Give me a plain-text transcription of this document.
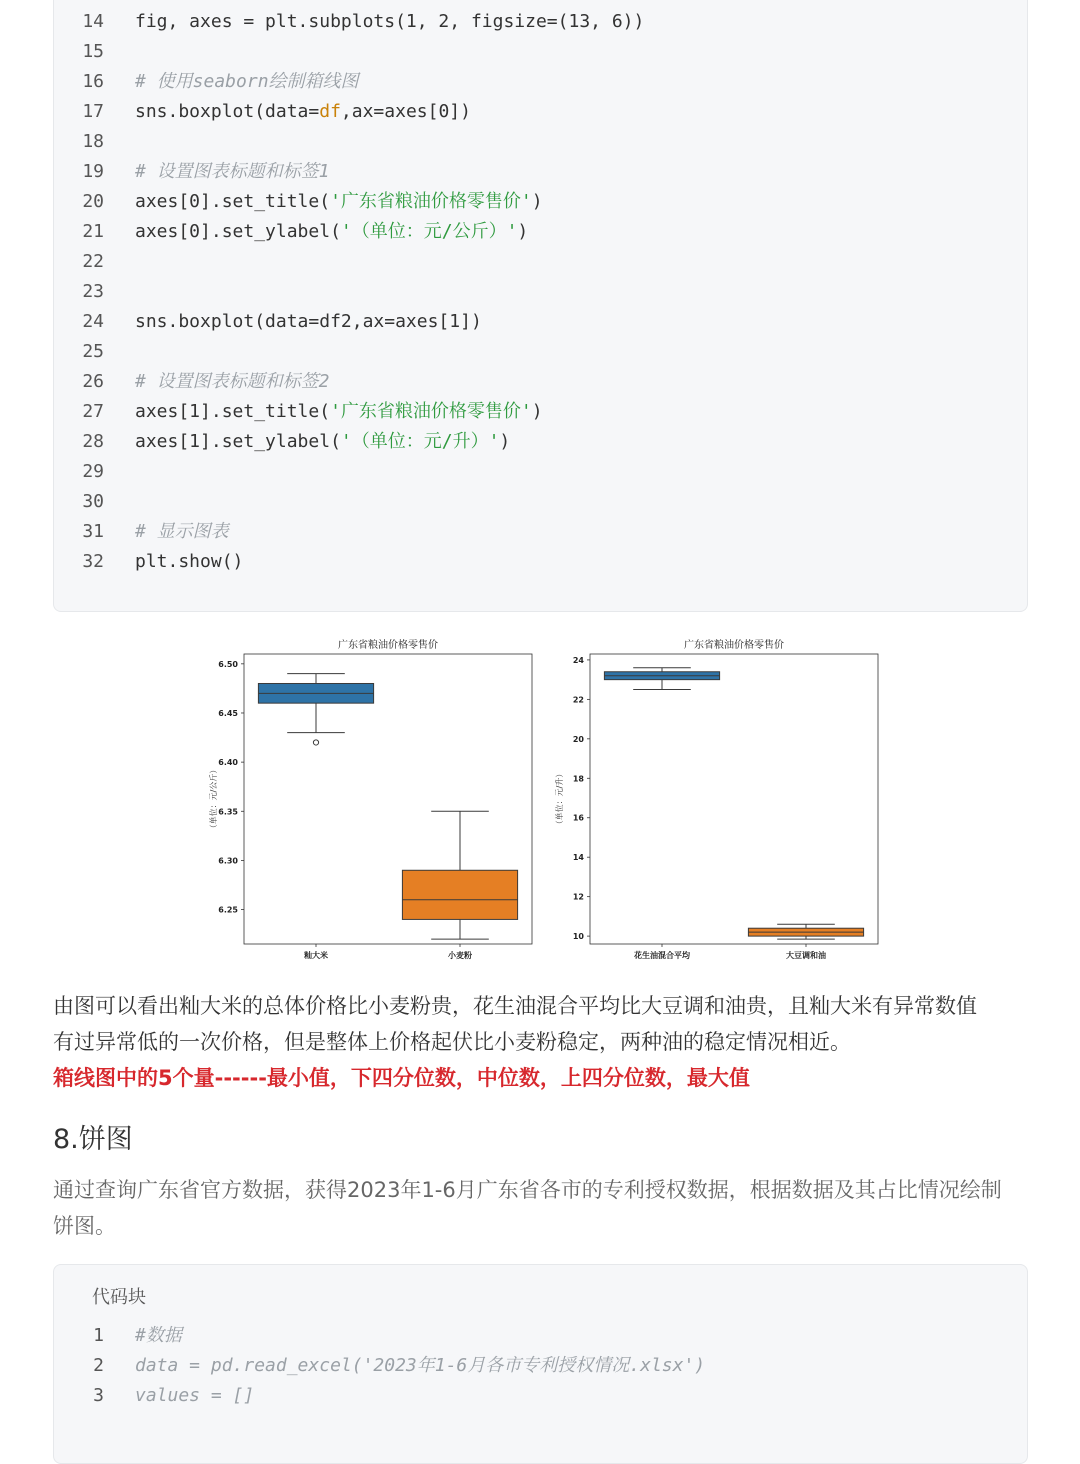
14 fig, axes = plt.subplots(1, 2, figsize=(13, 6))
15
16 # 使用seaborn绘制箱线图
17 sns.boxplot(data=df,ax=axes[0])
18
19 # 设置图表标题和标签1
20 axes[0].set_title('广东省粮油价格零售价')
21 axes[0].set_ylabel('（单位：元/公斤）')
22
23
24 sns.boxplot(data=df2,ax=axes[1])
25
26 # 设置图表标题和标签2
27 axes[1].set_title('广东省粮油价格零售价')
28 axes[1].set_ylabel('（单位：元/升）')
29
30
31 # 显示图表
32 plt.show()
广东省粮油价格零售价
6.25
6.30
6.35
6.40
6.45
6.50
（单位：元/公斤）
籼大米	小麦粉
广东省粮油价格零售价
10
12
14
16
18
20
22
24
（单位：元/升）
花生油混合平均	大豆调和油
由图可以看出籼大米的总体价格比小麦粉贵，花生油混合平均比大豆调和油贵，且籼大米有异常数值
有过异常低的一次价格，但是整体上价格起伏比小麦粉稳定，两种油的稳定情况相近。
箱线图中的5个量------最小值，下四分位数，中位数，上四分位数，最大值
8.饼图
通过查询广东省官方数据，获得2023年1-6月广东省各市的专利授权数据，根据数据及其占比情况绘制
饼图。
代码块
1 #数据
2 data = pd.read_excel('2023年1-6月各市专利授权情况.xlsx')
3 values = []
